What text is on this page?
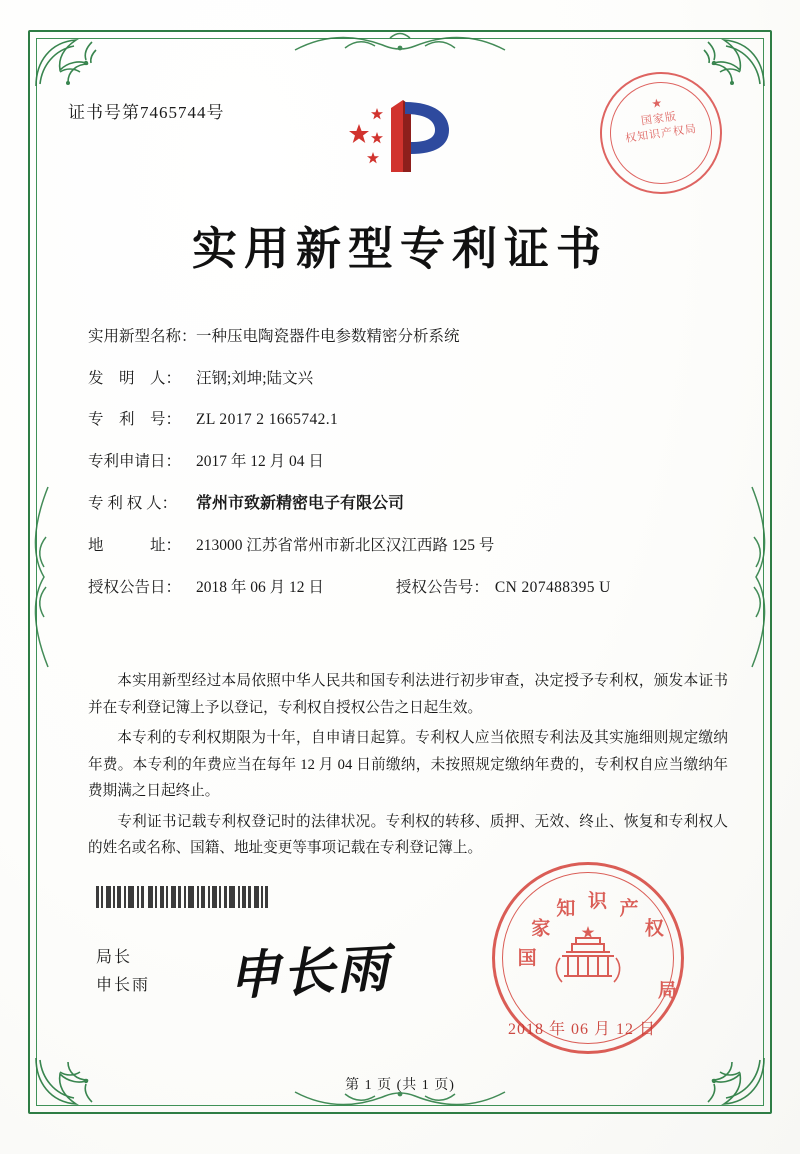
证书号第7465744号
实用新型专利证书
★
国家版
权知识产权局
实用新型名称： 一种压电陶瓷器件电参数精密分析系统
发　明　人： 汪钢;刘坤;陆文兴
专　利　号： ZL 2017 2 1665742.1
专利申请日： 2017 年 12 月 04 日
专 利 权 人：	常州市致新精密电子有限公司
地　　　址： 213000 江苏省常州市新北区汉江西路 125 号
授权公告日： 2018 年 06 月 12 日	授权公告号： CN 207488395 U

本实用新型经过本局依照中华人民共和国专利法进行初步审查，决定授予专利权，颁发本证书并在专利登记簿上予以登记，专利权自授权公告之日起生效。

本专利的专利权期限为十年，自申请日起算。专利权人应当依照专利法及其实施细则规定缴纳年费。本专利的年费应当在每年 12 月 04 日前缴纳，未按照规定缴纳年费的，专利权自应当缴纳年费期满之日起终止。

专利证书记载专利权登记时的法律状况。专利权的转移、质押、无效、终止、恢复和专利权人的姓名或名称、国籍、地址变更等事项记载在专利登记簿上。

局长
申长雨 申长雨	国
家
知 识 产
权
局
2018 年 06 月 12 日
第 1 页 (共 1 页)
